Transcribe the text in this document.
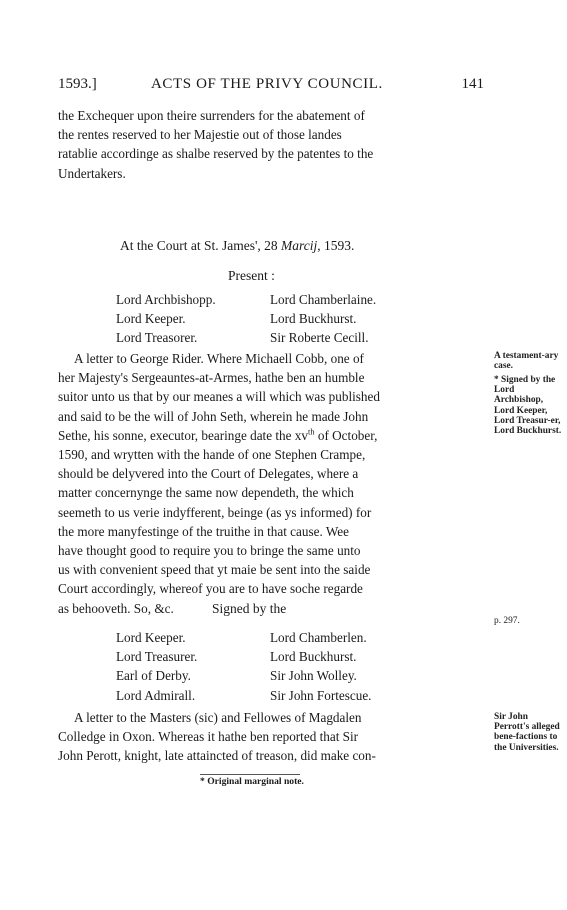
1593.]	ACTS OF THE PRIVY COUNCIL.	141

the Exchequer upon theire surrenders for the abatement of

the rentes reserved to her Majestie out of those landes

ratablie accordinge as shalbe reserved by the patentes to the

Undertakers.

At the Court at St. James', 28 Marcij, 1593.
Present :
Lord Archbishopp.	Lord Chamberlaine.
Lord Keeper.	Lord Buckhurst.
Lord Treasorer.	Sir Roberte Cecill.

A letter to George Rider. Where Michaell Cobb, one of

her Majesty's Sergeauntes-at-Armes, hathe ben an humble

suitor unto us that by our meanes a will which was published

and said to be the will of John Seth, wherein he made John

Sethe, his sonne, executor, bearinge date the $xv^{th}$ of October,

1590, and wrytten with the hande of one Stephen Crampe,

should be delyvered into the Court of Delegates, where a

matter concernynge the same now dependeth, the which

seemeth to us verie indyfferent, beinge (as ys informed) for

the more manyfestinge of the truithe in that cause. Wee

have thought good to require you to bringe the same unto

us with convenient speed that yt maie be sent into the saide

Court accordingly, whereof you are to have soche regarde

as behooveth. So, &c.

A testament-ary case.
* Signed by the Lord Archbishop, Lord Keeper, Lord Treasur-er, Lord Buckhurst.
Signed by the
p. 297.
Lord Keeper.	Lord Chamberlen.
Lord Treasurer.	Lord Buckhurst.
Earl of Derby.	Sir John Wolley.
Lord Admirall.	Sir John Fortescue.

A letter to the Masters (sic) and Fellowes of Magdalen

Colledge in Oxon. Whereas it hathe ben reported that Sir

John Perott, knight, late attaincted of treason, did make con-

Sir John Perrott's alleged bene-factions to the Universities.
* Original marginal note.
